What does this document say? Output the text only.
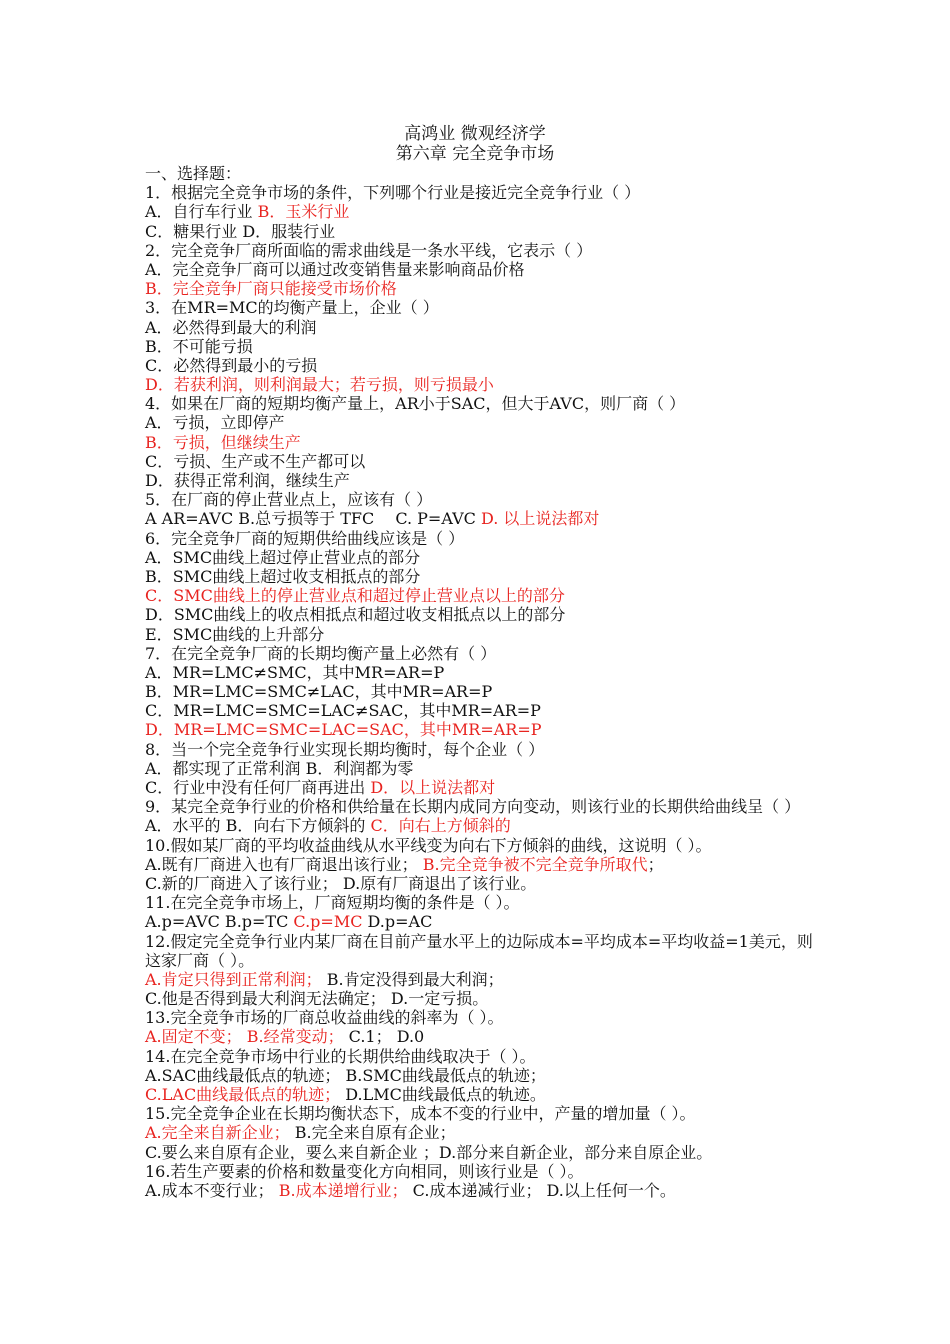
高鸿业 微观经济学
第六章 完全竞争市场
一、选择题：
1．根据完全竞争市场的条件，下列哪个行业是接近完全竞争行业（ ）
A．自行车行业 B．玉米行业
C．糖果行业 D．服装行业
2．完全竞争厂商所面临的需求曲线是一条水平线，它表示（ ）
A．完全竞争厂商可以通过改变销售量来影响商品价格
B．完全竞争厂商只能接受市场价格
3．在MR=MC的均衡产量上，企业（ ）
A．必然得到最大的利润
B．不可能亏损
C．必然得到最小的亏损
D．若获利润，则利润最大；若亏损，则亏损最小
4．如果在厂商的短期均衡产量上，AR小于SAC，但大于AVC，则厂商（ ）
A．亏损，立即停产
B．亏损，但继续生产
C．亏损、生产或不生产都可以
D．获得正常利润，继续生产
5．在厂商的停止营业点上，应该有（ ）
A AR=AVC B.总亏损等于 TFC　 C. P=AVC D. 以上说法都对
6．完全竞争厂商的短期供给曲线应该是（ ）
A．SMC曲线上超过停止营业点的部分
B．SMC曲线上超过收支相抵点的部分
C．SMC曲线上的停止营业点和超过停止营业点以上的部分
D．SMC曲线上的收点相抵点和超过收支相抵点以上的部分
E．SMC曲线的上升部分
7．在完全竞争厂商的长期均衡产量上必然有（ ）
A．MR=LMC≠SMC，其中MR=AR=P
B．MR=LMC=SMC≠LAC，其中MR=AR=P
C．MR=LMC=SMC=LAC≠SAC，其中MR=AR=P
D．MR=LMC=SMC=LAC=SAC，其中MR=AR=P
8．当一个完全竞争行业实现长期均衡时，每个企业（ ）
A．都实现了正常利润 B．利润都为零
C．行业中没有任何厂商再进出 D．以上说法都对
9．某完全竞争行业的价格和供给量在长期内成同方向变动，则该行业的长期供给曲线呈（ ）
A．水平的 B．向右下方倾斜的 C．向右上方倾斜的
10.假如某厂商的平均收益曲线从水平线变为向右下方倾斜的曲线，这说明（ ）。
A.既有厂商进入也有厂商退出该行业； B.完全竞争被不完全竞争所取代；
C.新的厂商进入了该行业； D.原有厂商退出了该行业。
11.在完全竞争市场上，厂商短期均衡的条件是（ ）。
A.p=AVC B.p=TC C.p=MC D.p=AC
12.假定完全竞争行业内某厂商在目前产量水平上的边际成本=平均成本=平均收益=1美元，则这家厂商（ ）。
A.肯定只得到正常利润； B.肯定没得到最大利润；
C.他是否得到最大利润无法确定； D.一定亏损。
13.完全竞争市场的厂商总收益曲线的斜率为（ ）。
A.固定不变； B.经常变动； C.1； D.0
14.在完全竞争市场中行业的长期供给曲线取决于（ ）。
A.SAC曲线最低点的轨迹； B.SMC曲线最低点的轨迹；
C.LAC曲线最低点的轨迹； D.LMC曲线最低点的轨迹。
15.完全竞争企业在长期均衡状态下，成本不变的行业中，产量的增加量（ ）。
A.完全来自新企业； B.完全来自原有企业；
C.要么来自原有企业，要么来自新企业 ；D.部分来自新企业，部分来自原企业。
16.若生产要素的价格和数量变化方向相同，则该行业是（ ）。
A.成本不变行业； B.成本递增行业； C.成本递减行业； D.以上任何一个。
